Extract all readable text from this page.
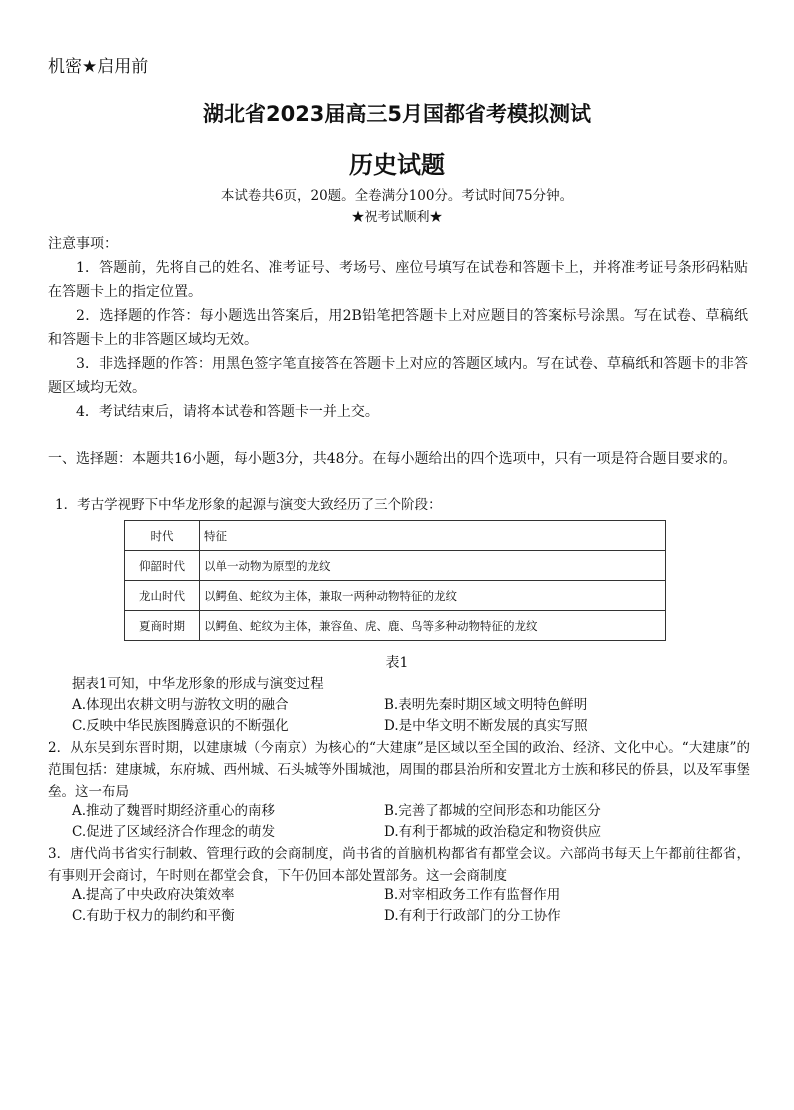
机密★启用前
湖北省2023届高三5月国都省考模拟测试
历史试题
本试卷共6页，20题。全卷满分100分。考试时间75分钟。
★祝考试顺利★
注意事项：
1．答题前，先将自己的姓名、准考证号、考场号、座位号填写在试卷和答题卡上，并将准考证号条形码粘贴在答题卡上的指定位置。
2．选择题的作答：每小题选出答案后，用2B铅笔把答题卡上对应题目的答案标号涂黑。写在试卷、草稿纸和答题卡上的非答题区域均无效。
3．非选择题的作答：用黑色签字笔直接答在答题卡上对应的答题区域内。写在试卷、草稿纸和答题卡的非答题区域均无效。
4．考试结束后，请将本试卷和答题卡一并上交。
一、选择题：本题共16小题，每小题3分，共48分。在每小题给出的四个选项中，只有一项是符合题目要求的。
1．考古学视野下中华龙形象的起源与演变大致经历了三个阶段：
时代	特征
仰韶时代	以单一动物为原型的龙纹
龙山时代	以鳄鱼、蛇纹为主体，兼取一两种动物特征的龙纹
夏商时期	以鳄鱼、蛇纹为主体，兼容鱼、虎、鹿、鸟等多种动物特征的龙纹
表1
据表1可知，中华龙形象的形成与演变过程
A.体现出农耕文明与游牧文明的融合	B.表明先秦时期区域文明特色鲜明
C.反映中华民族图腾意识的不断强化	D.是中华文明不断发展的真实写照
2．从东吴到东晋时期，以建康城（今南京）为核心的“大建康”是区域以至全国的政治、经济、文化中心。“大建康”的范围包括：建康城，东府城、西州城、石头城等外围城池，周围的郡县治所和安置北方士族和移民的侨县，以及军事堡垒。这一布局
A.推动了魏晋时期经济重心的南移	B.完善了都城的空间形态和功能区分
C.促进了区域经济合作理念的萌发	D.有利于都城的政治稳定和物资供应
3．唐代尚书省实行制敕、管理行政的会商制度，尚书省的首脑机构都省有都堂会议。六部尚书每天上午都前往都省，有事则开会商讨，午时则在都堂会食，下午仍回本部处置部务。这一会商制度
A.提高了中央政府决策效率	B.对宰相政务工作有监督作用
C.有助于权力的制约和平衡	D.有利于行政部门的分工协作
